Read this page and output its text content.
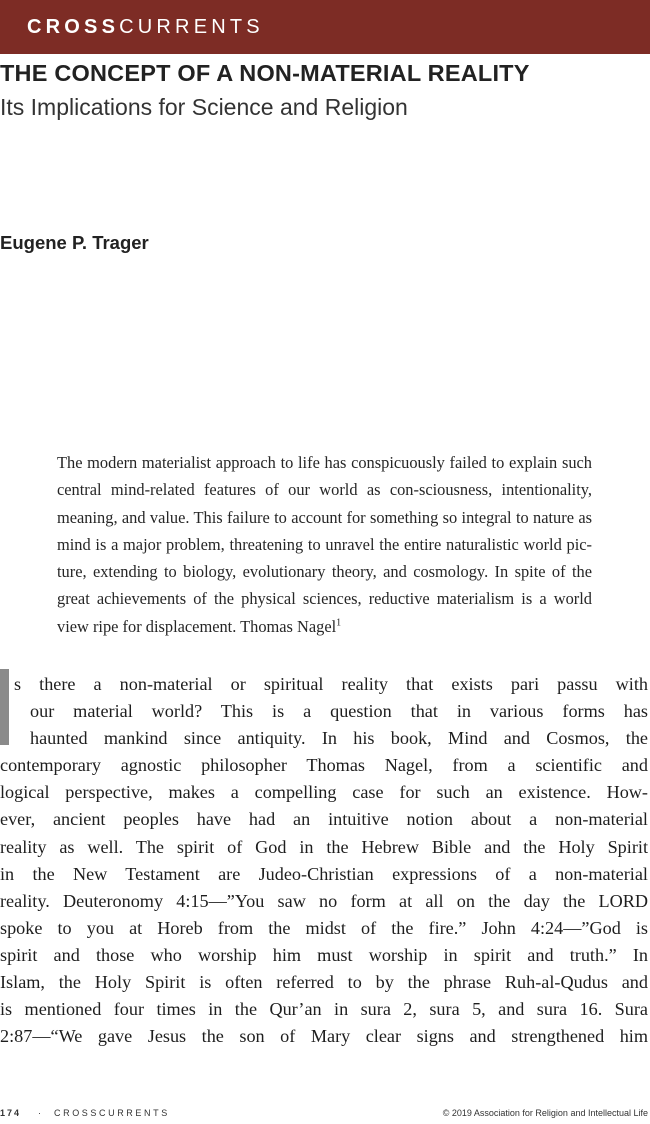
CROSS CURRENTS
THE CONCEPT OF A NON-MATERIAL REALITY
Its Implications for Science and Religion

Eugene P. Trager

The modern materialist approach to life has conspicuously failed to explain such central mind-related features of our world as con-sciousness, intentionality, meaning, and value. This failure to account for something so integral to nature as mind is a major problem, threatening to unravel the entire naturalistic world pic-ture, extending to biology, evolutionary theory, and cosmology. In spite of the great achievements of the physical sciences, reductive materialism is a world view ripe for displacement. Thomas Nagel$^1$

s there a non-material or spiritual reality that exists pari passu with
our material world? This is a question that in various forms has
haunted mankind since antiquity. In his book, Mind and Cosmos, the
contemporary agnostic philosopher Thomas Nagel, from a scientific and
logical perspective, makes a compelling case for such an existence. How-
ever, ancient peoples have had an intuitive notion about a non-material
reality as well. The spirit of God in the Hebrew Bible and the Holy Spirit
in the New Testament are Judeo-Christian expressions of a non-material
reality. Deuteronomy 4:15—”You saw no form at all on the day the LORD
spoke to you at Horeb from the midst of the fire.” John 4:24—”God is
spirit and those who worship him must worship in spirit and truth.” In
Islam, the Holy Spirit is often referred to by the phrase Ruh-al-Qudus and
is mentioned four times in the Qur’an in sura 2, sura 5, and sura 16. Sura
2:87—“We gave Jesus the son of Mary clear signs and strengthened him
174 · CROSSCURRENTS	© 2019 Association for Religion and Intellectual Life
